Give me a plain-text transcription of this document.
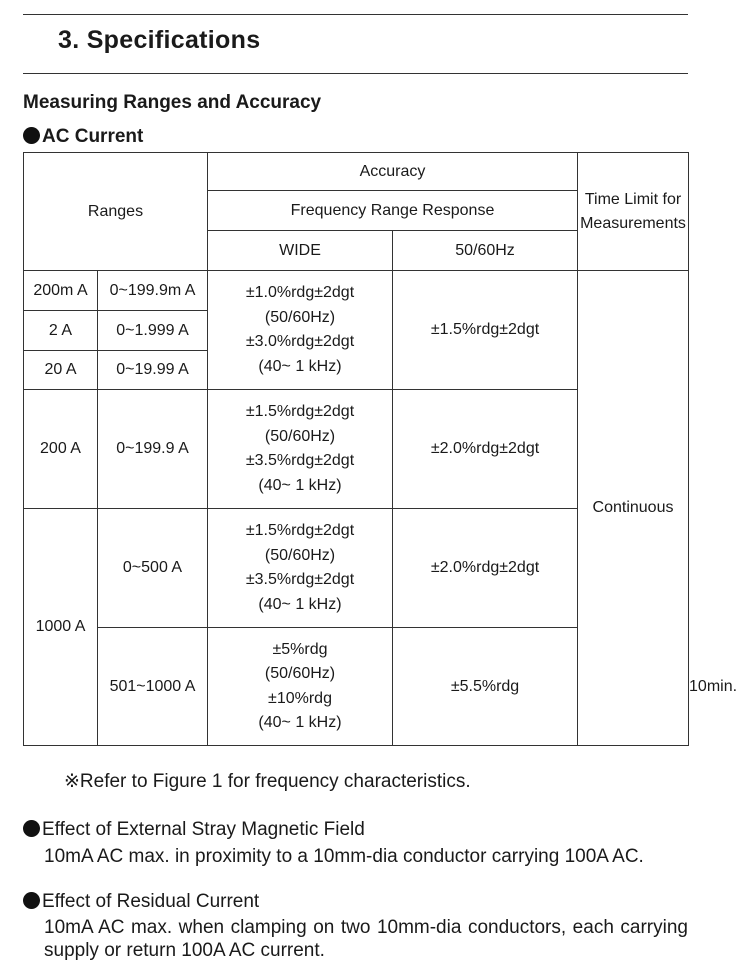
3. Specifications
Measuring Ranges and Accuracy
AC Current
Ranges		Accuracy		Time Limit for
Measurements	

		Frequency Range Response			
		WIDE	50/60Hz		
200m A	0~199.9m A	±1.0%rdg±2dgt
(50/60Hz)
±3.0%rdg±2dgt
(40~ 1 kHz)	±1.5%rdg±2dgt	Continuous	
2 A	0~1.999 A				
20 A	0~19.99 A				
200 A	0~199.9 A	±1.5%rdg±2dgt
(50/60Hz)
±3.5%rdg±2dgt
(40~ 1 kHz)	±2.0%rdg±2dgt		
1000 A	0~500 A	±1.5%rdg±2dgt
(50/60Hz)
±3.5%rdg±2dgt
(40~ 1 kHz)	±2.0%rdg±2dgt		
	501~1000 A	±5%rdg
(50/60Hz)
±10%rdg
(40~ 1 kHz)	±5.5%rdg		10min.
※Refer to Figure 1 for frequency characteristics.
Effect of External Stray Magnetic Field
10mA AC max. in proximity to a 10mm-dia conductor carrying 100A AC.
Effect of Residual Current
10mA AC max. when clamping on two 10mm-dia conductors, each carrying supply or return 100A AC current.
